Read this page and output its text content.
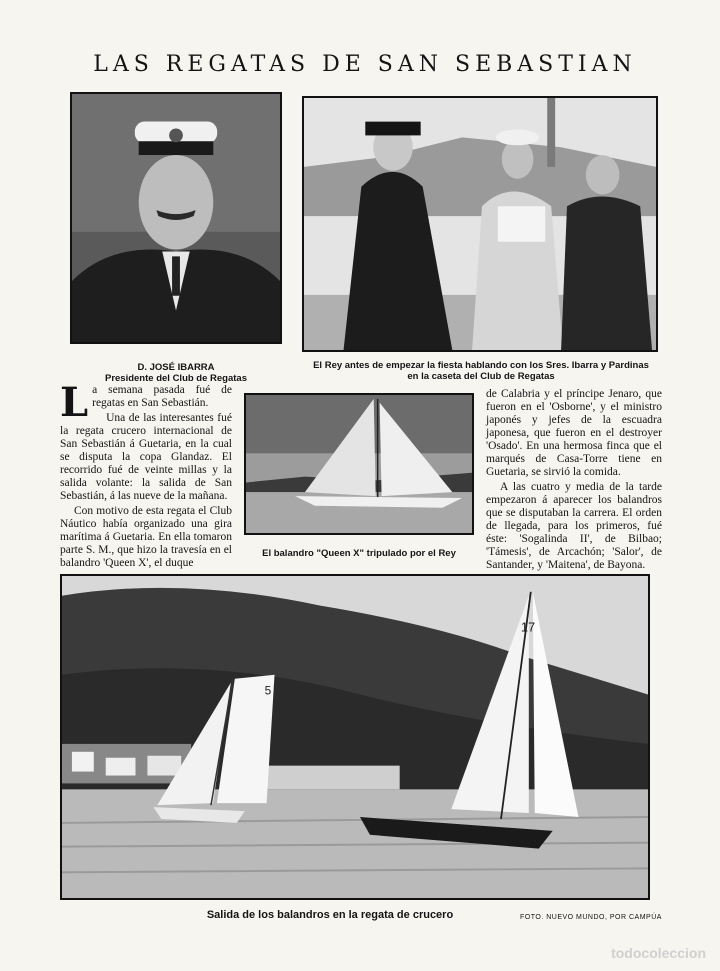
LAS REGATAS DE SAN SEBASTIAN
D. JOSÉ IBARRA
Presidente del Club de Regatas
El Rey antes de empezar la fiesta hablando con los Sres. Ibarra y Pardinas
en la caseta del Club de Regatas

La semana pasada fué de regatas en San Sebastián.

Una de las interesantes fué la regata crucero internacional de San Sebastián á Guetaria, en la cual se disputa la copa Glandaz. El recorrido fué de veinte millas y la salida volante: la salida de San Sebastián, á las nueve de la mañana.

Con motivo de esta regata el Club Náutico había organizado una gira marítima á Guetaria. En ella tomaron parte S. M., que hizo la travesía en el balandro 'Queen X', el duque

El balandro "Queen X" tripulado por el Rey

de Calabria y el príncipe Jenaro, que fueron en el 'Osborne', y el ministro japonés y jefes de la escuadra japonesa, que fueron en el destroyer 'Osado'. En una hermosa finca que el marqués de Casa-Torre tiene en Guetaria, se sirvió la comida.

A las cuatro y media de la tarde empezaron á aparecer los balandros que se disputaban la carrera. El orden de llegada, para los primeros, fué éste: 'Sogalinda II', de Bilbao; 'Támesis', de Arcachón; 'Salor', de Santander, y 'Maitena', de Bayona.

5
17
Salida de los balandros en la regata de crucero	FOTO. NUEVO MUNDO, POR CAMPÚA
todocoleccion
